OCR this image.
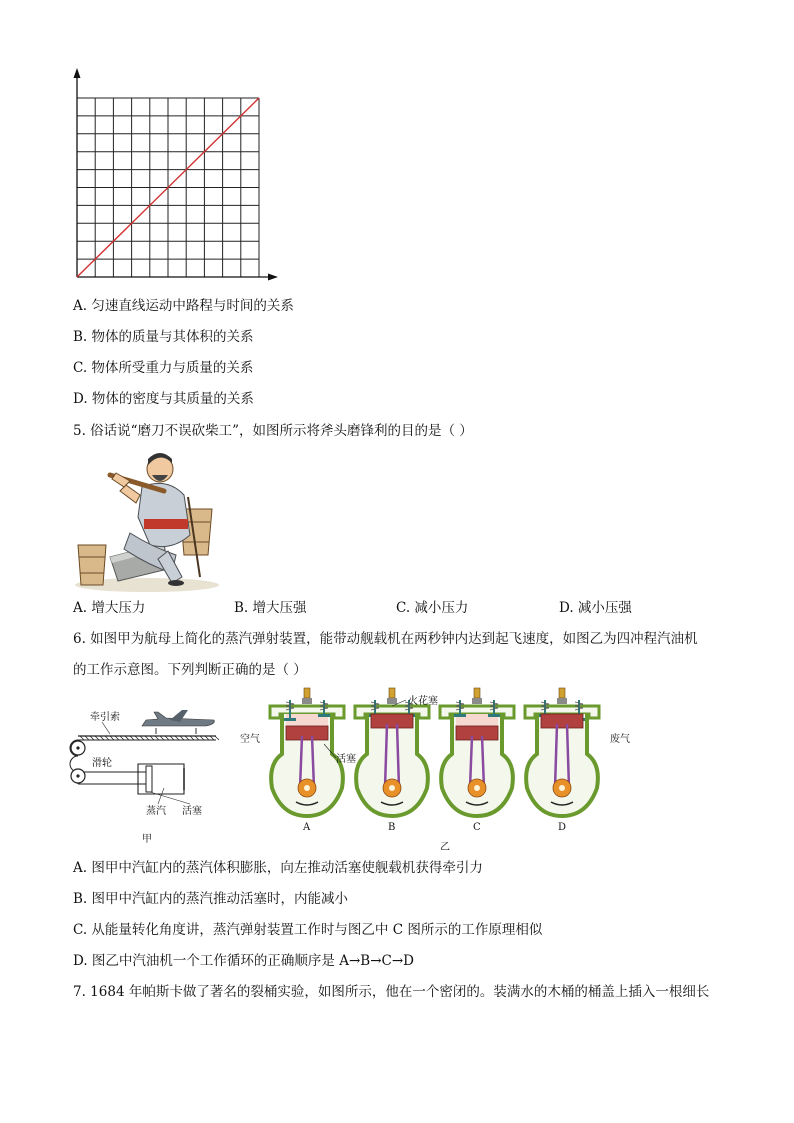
A. 匀速直线运动中路程与时间的关系
B. 物体的质量与其体积的关系
C. 物体所受重力与质量的关系
D. 物体的密度与其质量的关系
5. 俗话说“磨刀不误砍柴工”，如图所示将斧头磨锋利的目的是（ ）
A. 增大压力	B. 增大压强	C. 减小压力	D. 减小压强
6. 如图甲为航母上简化的蒸汽弹射装置，能带动舰载机在两秒钟内达到起飞速度，如图乙为四冲程汽油机
的工作示意图。下列判断正确的是（ ）
牵引索
滑轮
蒸汽 活塞
甲
A	B	C	D
空气
火花塞
活塞
废气
乙
A. 图甲中汽缸内的蒸汽体积膨胀，向左推动活塞使舰载机获得牵引力
B. 图甲中汽缸内的蒸汽推动活塞时，内能减小
C. 从能量转化角度讲，蒸汽弹射装置工作时与图乙中 C 图所示的工作原理相似
D. 图乙中汽油机一个工作循环的正确顺序是 A→B→C→D
7. 1684 年帕斯卡做了著名的裂桶实验，如图所示，他在一个密闭的。装满水的木桶的桶盖上插入一根细长
